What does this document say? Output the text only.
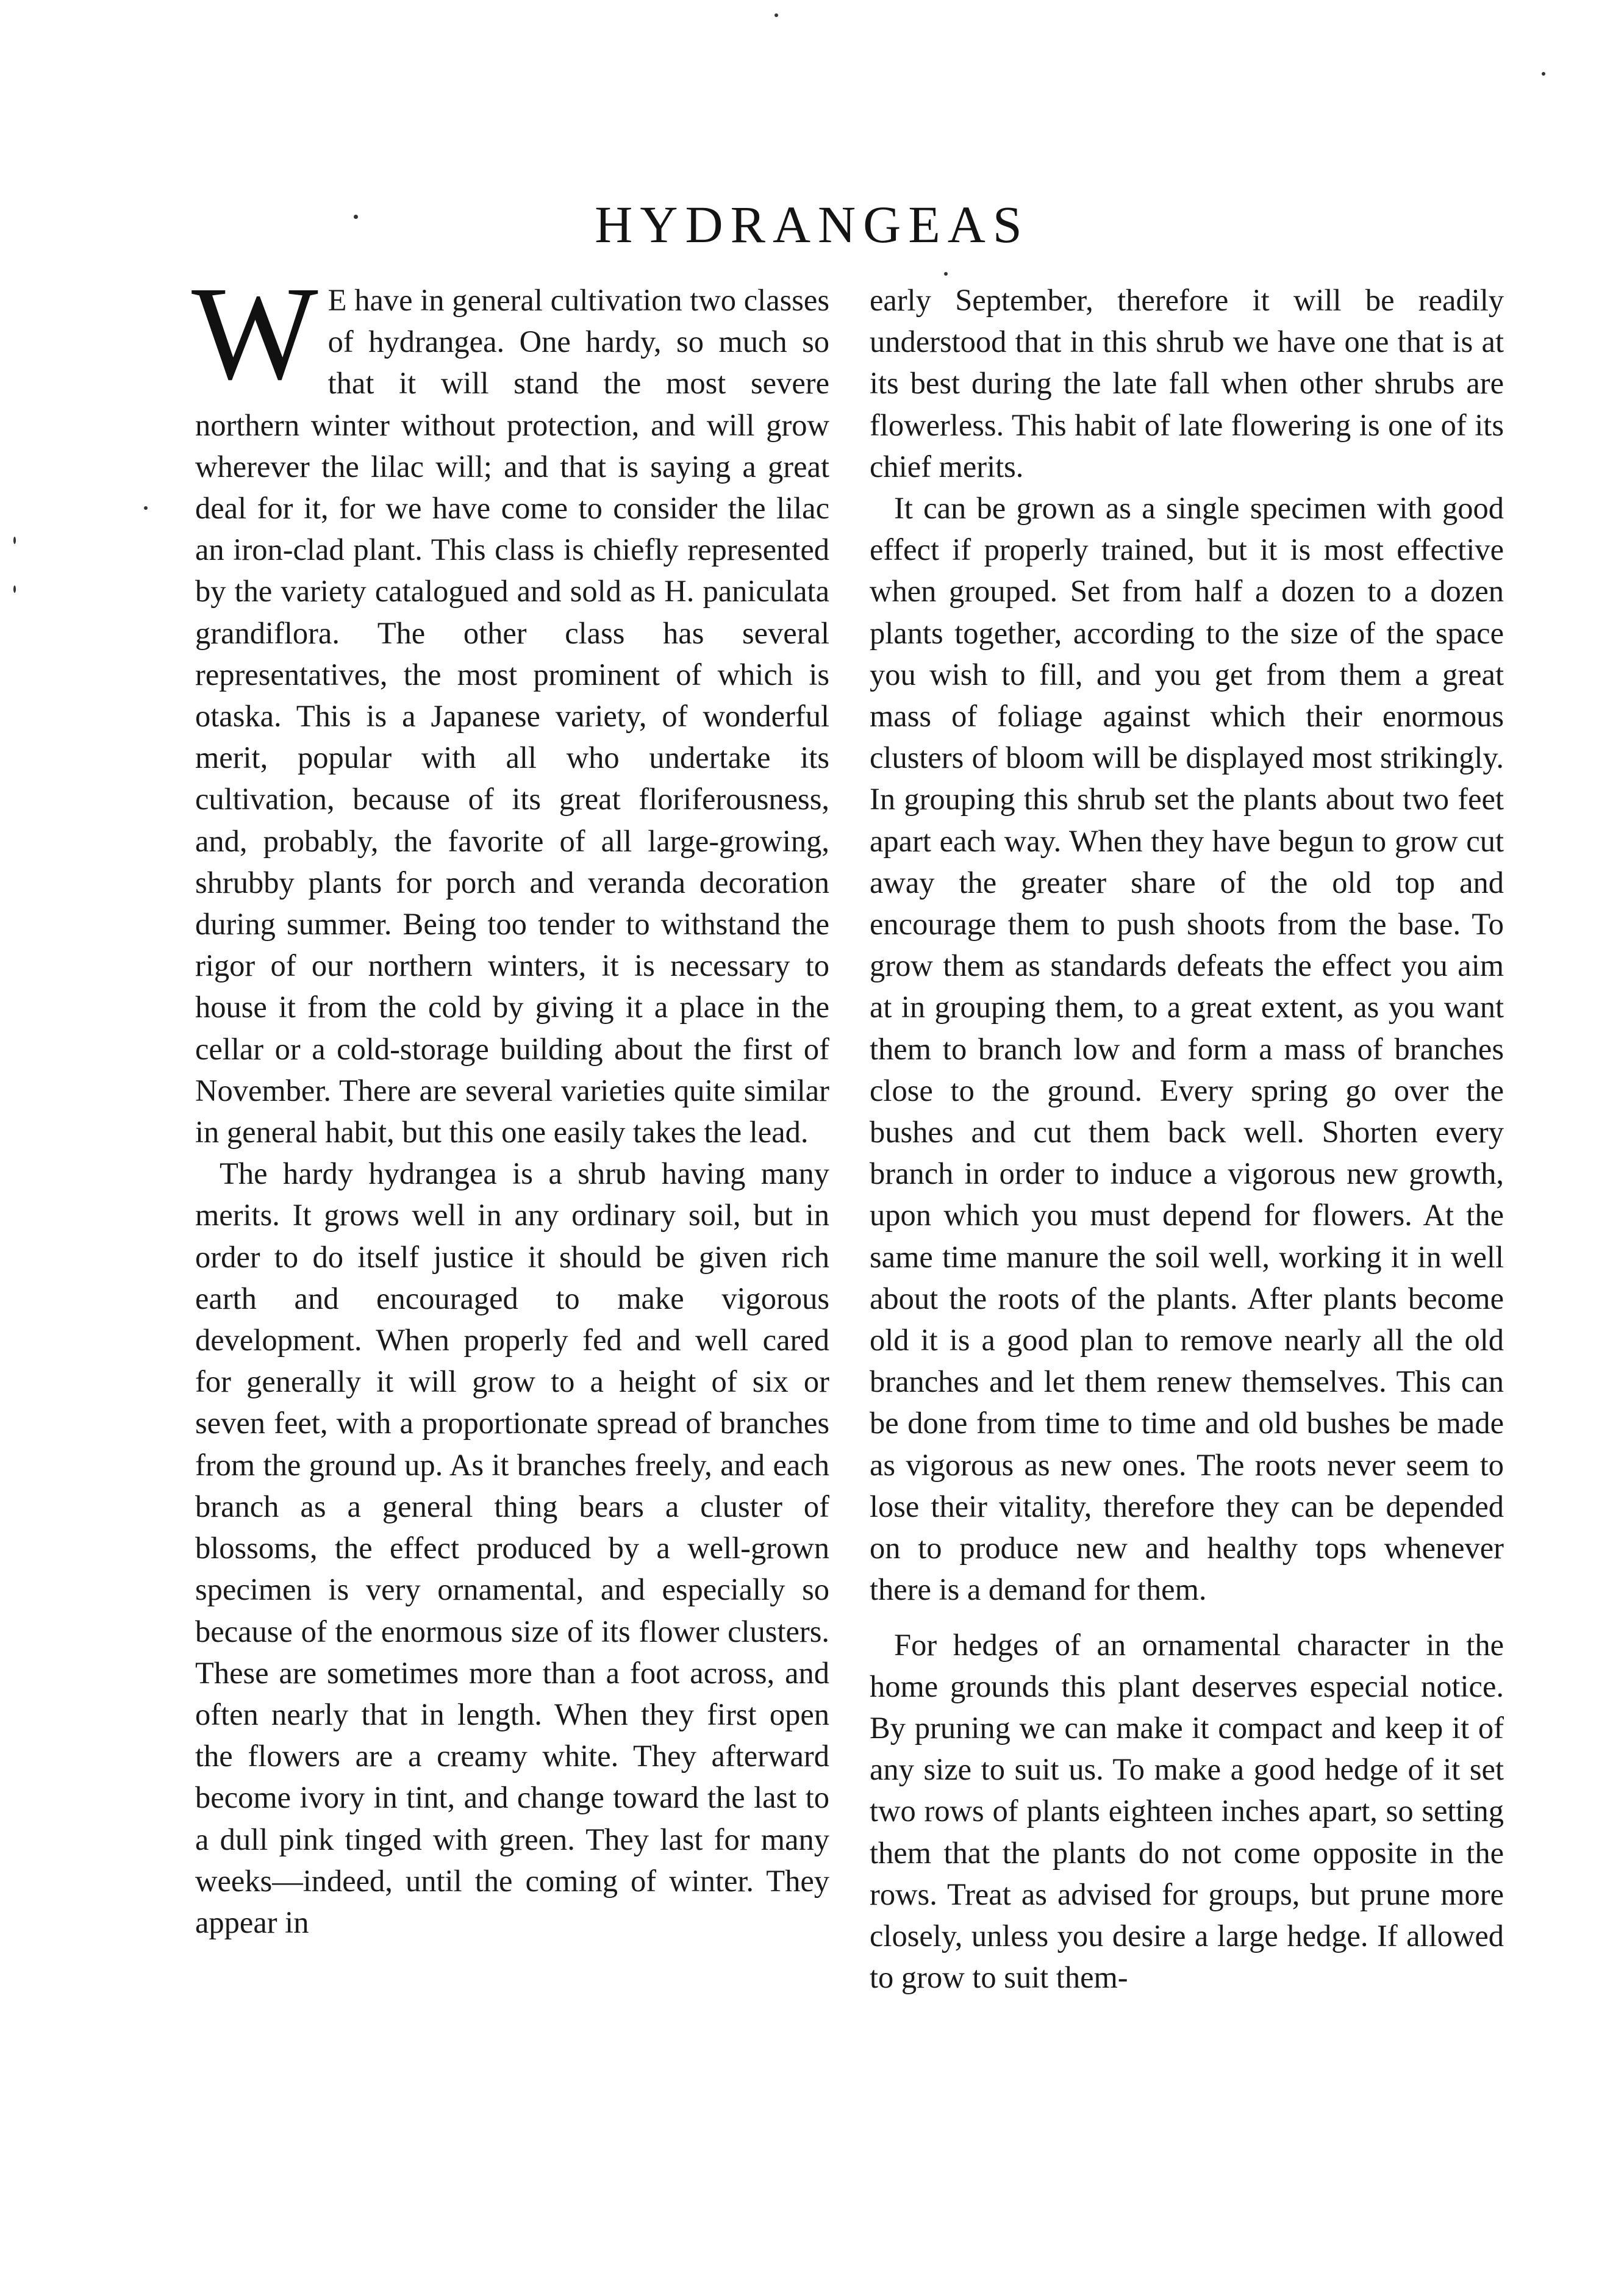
HYDRANGEAS

W E have in general cultivation two classes of hydrangea. One hardy, so much so that it will stand the most severe northern winter without protection, and will grow wherever the lilac will; and that is saying a great deal for it, for we have come to consider the lilac an iron-clad plant. This class is chiefly represented by the variety catalogued and sold as H. paniculata grandiflora. The other class has several representatives, the most prominent of which is otaska. This is a Japanese variety, of wonderful merit, popular with all who undertake its cultivation, because of its great floriferousness, and, probably, the favorite of all large-growing, shrubby plants for porch and veranda decoration during summer. Being too tender to withstand the rigor of our northern winters, it is necessary to house it from the cold by giving it a place in the cellar or a cold-storage building about the first of November. There are several varieties quite similar in general habit, but this one easily takes the lead.

The hardy hydrangea is a shrub having many merits. It grows well in any ordinary soil, but in order to do itself justice it should be given rich earth and encouraged to make vigorous development. When properly fed and well cared for generally it will grow to a height of six or seven feet, with a proportionate spread of branches from the ground up. As it branches freely, and each branch as a general thing bears a cluster of blossoms, the effect produced by a well-grown specimen is very ornamental, and especially so because of the enormous size of its flower clusters. These are sometimes more than a foot across, and often nearly that in length. When they first open the flowers are a creamy white. They afterward become ivory in tint, and change toward the last to a dull pink tinged with green. They last for many weeks—indeed, until the coming of winter. They appear in

early September, therefore it will be readily understood that in this shrub we have one that is at its best during the late fall when other shrubs are flowerless. This habit of late flowering is one of its chief merits.

It can be grown as a single specimen with good effect if properly trained, but it is most effective when grouped. Set from half a dozen to a dozen plants together, according to the size of the space you wish to fill, and you get from them a great mass of foliage against which their enormous clusters of bloom will be displayed most strikingly. In grouping this shrub set the plants about two feet apart each way. When they have begun to grow cut away the greater share of the old top and encourage them to push shoots from the base. To grow them as standards defeats the effect you aim at in grouping them, to a great extent, as you want them to branch low and form a mass of branches close to the ground. Every spring go over the bushes and cut them back well. Shorten every branch in order to induce a vigorous new growth, upon which you must depend for flowers. At the same time manure the soil well, working it in well about the roots of the plants. After plants become old it is a good plan to remove nearly all the old branches and let them renew themselves. This can be done from time to time and old bushes be made as vigorous as new ones. The roots never seem to lose their vitality, therefore they can be depended on to produce new and healthy tops whenever there is a demand for them.

For hedges of an ornamental character in the home grounds this plant deserves especial notice. By pruning we can make it compact and keep it of any size to suit us. To make a good hedge of it set two rows of plants eighteen inches apart, so setting them that the plants do not come opposite in the rows. Treat as advised for groups, but prune more closely, unless you desire a large hedge. If allowed to grow to suit them-
